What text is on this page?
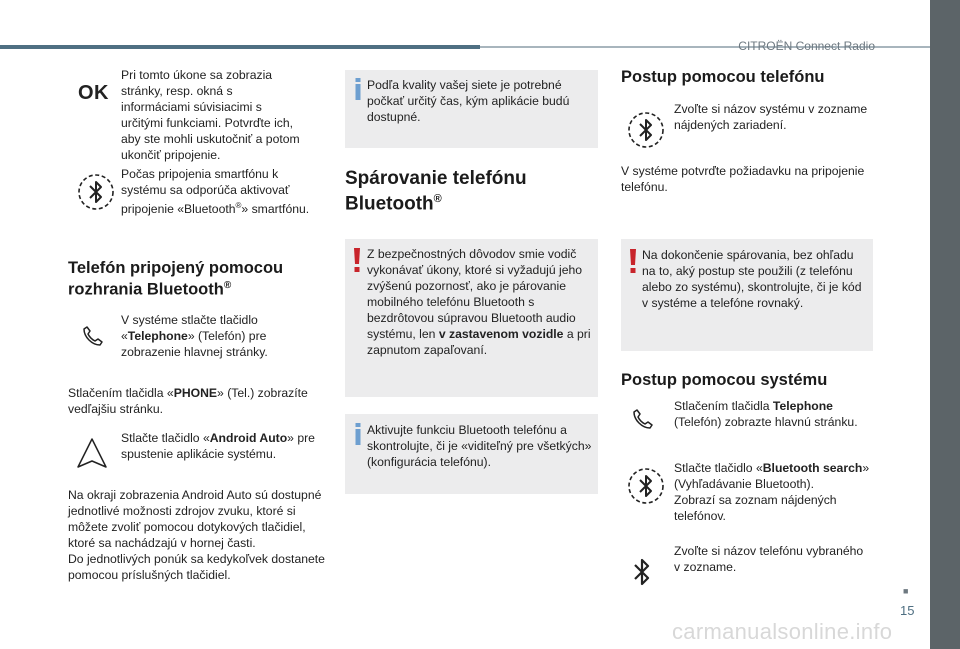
CITROËN Connect Radio
OK
Pri tomto úkone sa zobrazia stránky, resp. okná s informáciami súvisiacimi s určitými funkciami. Potvrďte ich, aby ste mohli uskutočniť a potom ukončiť pripojenie.
Počas pripojenia smartfónu k systému sa odporúča aktivovať pripojenie «Bluetooth®» smartfónu.
Telefón pripojený pomocou rozhrania Bluetooth®
V systéme stlačte tlačidlo «Telephone» (Telefón) pre zobrazenie hlavnej stránky.
Stlačením tlačidla «PHONE» (Tel.) zobrazíte vedľajšiu stránku.
Stlačte tlačidlo «Android Auto» pre spustenie aplikácie systému.
Na okraji zobrazenia Android Auto sú dostupné jednotlivé možnosti zdrojov zvuku, ktoré si môžete zvoliť pomocou dotykových tlačidiel, ktoré sa nachádzajú v hornej časti.
Do jednotlivých ponúk sa kedykoľvek dostanete pomocou príslušných tlačidiel.
Podľa kvality vašej siete je potrebné počkať určitý čas, kým aplikácie budú dostupné.
Spárovanie telefónu Bluetooth®
Z bezpečnostných dôvodov smie vodič vykonávať úkony, ktoré si vyžadujú jeho zvýšenú pozornosť, ako je párovanie mobilného telefónu Bluetooth s bezdrôtovou súpravou Bluetooth audio systému, len v zastavenom vozidle a pri zapnutom zapaľovaní.
Aktivujte funkciu Bluetooth telefónu a skontrolujte, či je «viditeľný pre všetkých» (konfigurácia telefónu).
Postup pomocou telefónu
Zvoľte si názov systému v zozname nájdených zariadení.
V systéme potvrďte požiadavku na pripojenie telefónu.
Na dokončenie spárovania, bez ohľadu na to, aký postup ste použili (z telefónu alebo zo systému), skontrolujte, či je kód v systéme a telefóne rovnaký.
Postup pomocou systému
Stlačením tlačidla Telephone (Telefón) zobrazte hlavnú stránku.
Stlačte tlačidlo «Bluetooth search» (Vyhľadávanie Bluetooth).
Zobrazí sa zoznam nájdených telefónov.
Zvoľte si názov telefónu vybraného v zozname.
■
15
carmanualsonline.info
